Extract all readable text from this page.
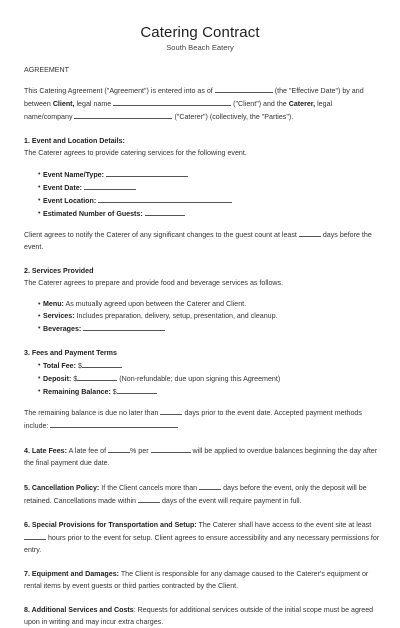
Catering Contract
South Beach Eatery

AGREEMENT

This Catering Agreement ("Agreement") is entered into as of	(the "Effective Date") by and between Client, legal name	("Client") and the Caterer, legal name/company	("Caterer") (collectively, the "Parties").

1. Event and Location Details:

The Caterer agrees to provide catering services for the following event.

• Event Name/Type:
• Event Date:
• Event Location:
• Estimated Number of Guests:

Client agrees to notify the Caterer of any significant changes to the guest count at least	days before the event.

2. Services Provided

The Caterer agrees to prepare and provide food and beverage services as follows.

• Menu: As mutually agreed upon between the Caterer and Client.
• Services: Includes preparation, delivery, setup, presentation, and cleanup.
• Beverages:

3. Fees and Payment Terms

• Total Fee: $
• Deposit: $	(Non-refundable; due upon signing this Agreement)
• Remaining Balance: $

The remaining balance is due no later than	days prior to the event date. Accepted payment methods include:

4. Late Fees: A late fee of	% per	will be applied to overdue balances beginning the day after the final payment due date.

5. Cancellation Policy: If the Client cancels more than	days before the event, only the deposit will be retained. Cancellations made within	days of the event will require payment in full.

6. Special Provisions for Transportation and Setup: The Caterer shall have access to the event site at least  hours prior to the event for setup. Client agrees to ensure accessibility and any necessary permissions for entry.

7. Equipment and Damages: The Client is responsible for any damage caused to the Caterer's equipment or rental items by event guests or third parties contracted by the Client.

8. Additional Services and Costs: Requests for additional services outside of the initial scope must be agreed upon in writing and may incur extra charges.
